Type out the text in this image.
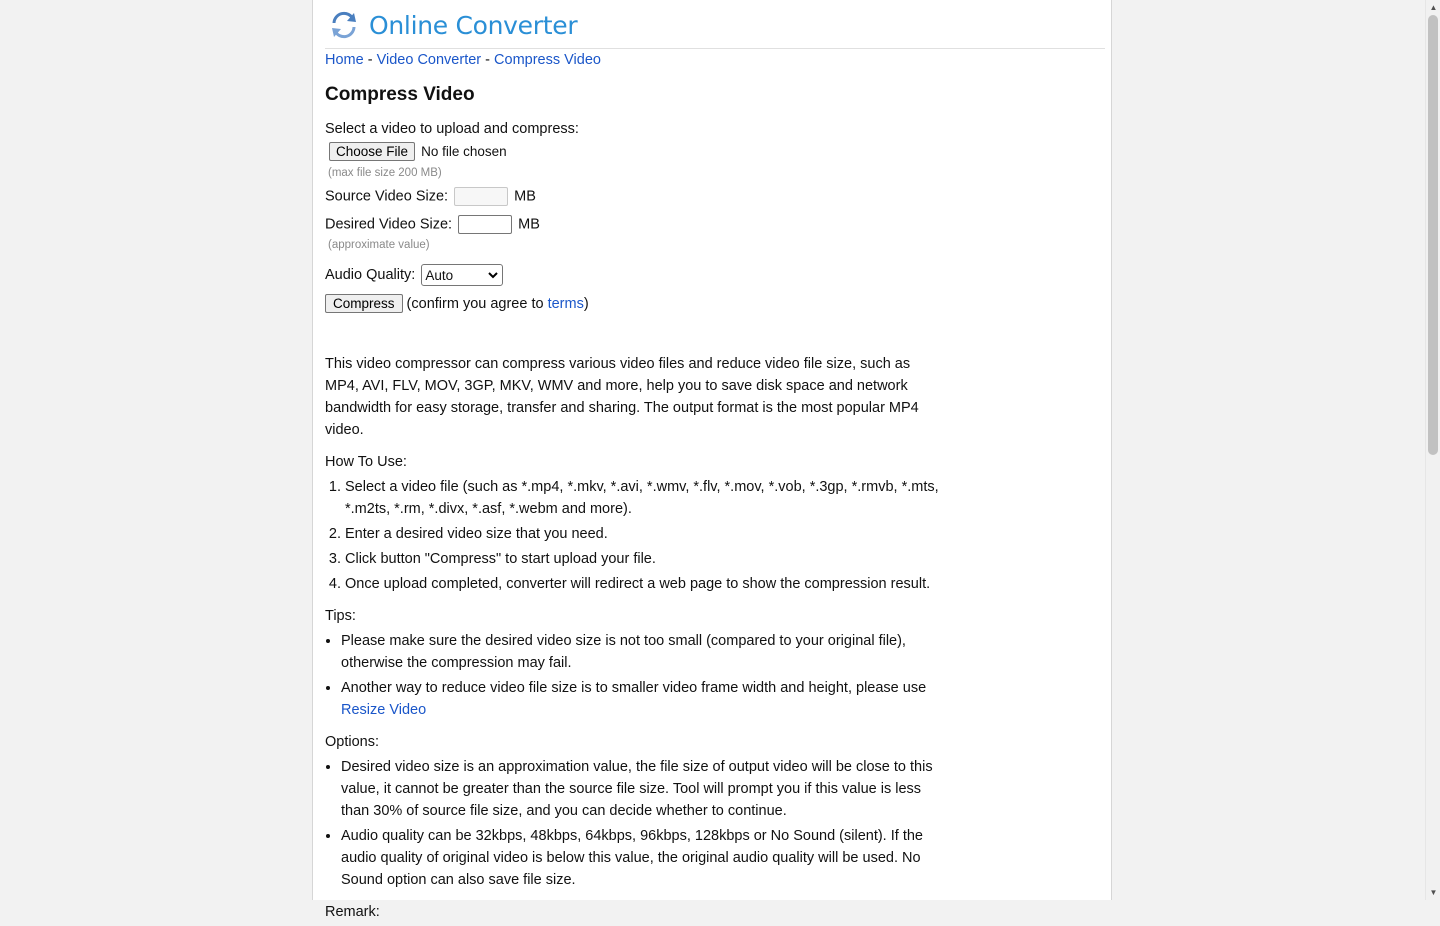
Online Converter
Home - Video Converter - Compress Video
Compress Video
Select a video to upload and compress:
Choose File No file chosen
(max file size 200 MB)
Source Video Size:	MB
Desired Video Size:	MB
(approximate value)
Audio Quality: Auto
Compress (confirm you agree to terms)

This video compressor can compress various video files and reduce video file size, such as MP4, AVI, FLV, MOV, 3GP, MKV, WMV and more, help you to save disk space and network bandwidth for easy storage, transfer and sharing. The output format is the most popular MP4 video.

How To Use:

1. Select a video file (such as *.mp4, *.mkv, *.avi, *.wmv, *.flv, *.mov, *.vob, *.3gp, *.rmvb, *.mts, *.m2ts, *.rm, *.divx, *.asf, *.webm and more).
2. Enter a desired video size that you need.
3. Click button "Compress" to start upload your file.
4. Once upload completed, converter will redirect a web page to show the compression result.

Tips:

• Please make sure the desired video size is not too small (compared to your original file), otherwise the compression may fail.
• Another way to reduce video file size is to smaller video frame width and height, please use
Resize Video

Options:

• Desired video size is an approximation value, the file size of output video will be close to this value, it cannot be greater than the source file size. Tool will prompt you if this value is less than 30% of source file size, and you can decide whether to continue.
• Audio quality can be 32kbps, 48kbps, 64kbps, 96kbps, 128kbps or No Sound (silent). If the audio quality of original video is below this value, the original audio quality will be used. No Sound option can also save file size.

Remark:

▲
▼
